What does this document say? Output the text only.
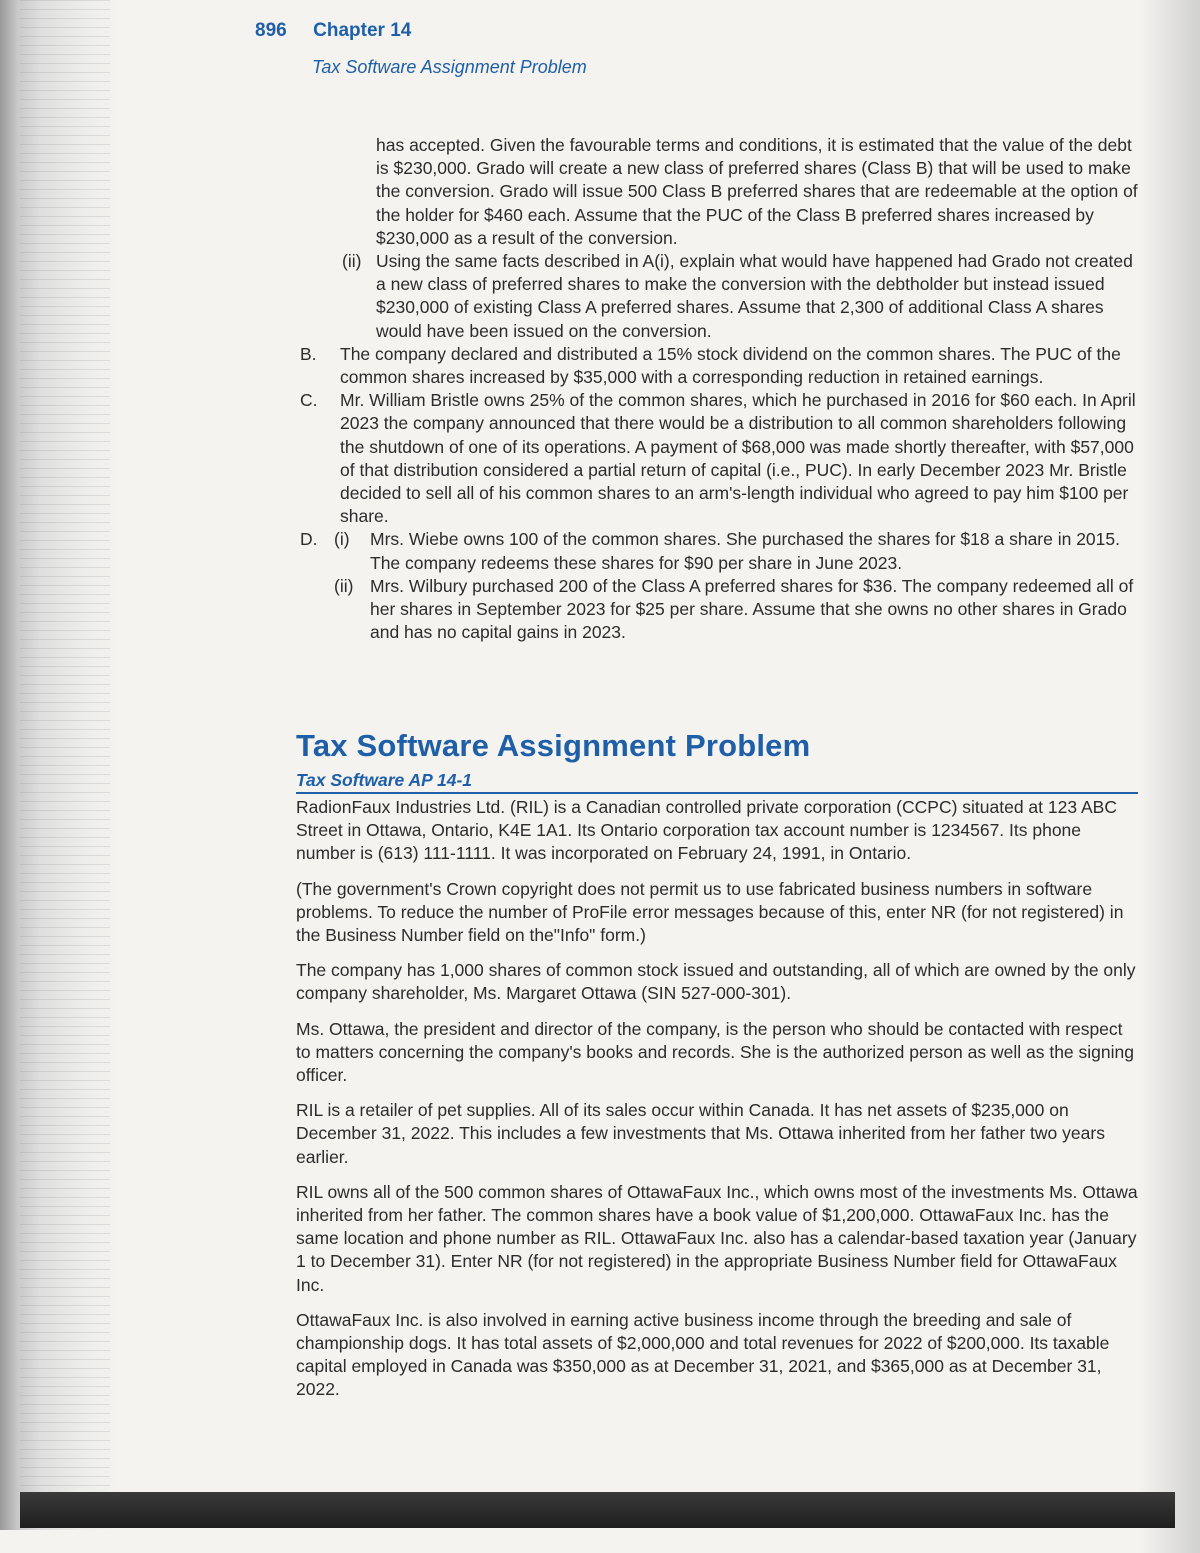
896 Chapter 14
Tax Software Assignment Problem
has accepted. Given the favourable terms and conditions, it is estimated that the value of the debt is $230,000. Grado will create a new class of preferred shares (Class B) that will be used to make the conversion. Grado will issue 500 Class B preferred shares that are redeemable at the option of the holder for $460 each. Assume that the PUC of the Class B preferred shares increased by $230,000 as a result of the conversion.
(ii) Using the same facts described in A(i), explain what would have happened had Grado not created a new class of preferred shares to make the conversion with the debtholder but instead issued $230,000 of existing Class A preferred shares. Assume that 2,300 of additional Class A shares would have been issued on the conversion.
B. The company declared and distributed a 15% stock dividend on the common shares. The PUC of the common shares increased by $35,000 with a corresponding reduction in retained earnings.
C. Mr. William Bristle owns 25% of the common shares, which he purchased in 2016 for $60 each. In April 2023 the company announced that there would be a distribution to all common shareholders following the shutdown of one of its operations. A payment of $68,000 was made shortly thereafter, with $57,000 of that distribution considered a partial return of capital (i.e., PUC). In early December 2023 Mr. Bristle decided to sell all of his common shares to an arm's-length individual who agreed to pay him $100 per share.
D. (i) Mrs. Wiebe owns 100 of the common shares. She purchased the shares for $18 a share in 2015. The company redeems these shares for $90 per share in June 2023.
(ii) Mrs. Wilbury purchased 200 of the Class A preferred shares for $36. The company redeemed all of her shares in September 2023 for $25 per share. Assume that she owns no other shares in Grado and has no capital gains in 2023.
Tax Software Assignment Problem
Tax Software AP 14-1

RadionFaux Industries Ltd. (RIL) is a Canadian controlled private corporation (CCPC) situated at 123 ABC Street in Ottawa, Ontario, K4E 1A1. Its Ontario corporation tax account number is 1234567. Its phone number is (613) 111-1111. It was incorporated on February 24, 1991, in Ontario.

(The government's Crown copyright does not permit us to use fabricated business numbers in software problems. To reduce the number of ProFile error messages because of this, enter NR (for not registered) in the Business Number field on the"Info" form.)

The company has 1,000 shares of common stock issued and outstanding, all of which are owned by the only company shareholder, Ms. Margaret Ottawa (SIN 527-000-301).

Ms. Ottawa, the president and director of the company, is the person who should be contacted with respect to matters concerning the company's books and records. She is the authorized person as well as the signing officer.

RIL is a retailer of pet supplies. All of its sales occur within Canada. It has net assets of $235,000 on December 31, 2022. This includes a few investments that Ms. Ottawa inherited from her father two years earlier.

RIL owns all of the 500 common shares of OttawaFaux Inc., which owns most of the investments Ms. Ottawa inherited from her father. The common shares have a book value of $1,200,000. OttawaFaux Inc. has the same location and phone number as RIL. OttawaFaux Inc. also has a calendar-based taxation year (January 1 to December 31). Enter NR (for not registered) in the appropriate Business Number field for OttawaFaux Inc.

OttawaFaux Inc. is also involved in earning active business income through the breeding and sale of championship dogs. It has total assets of $2,000,000 and total revenues for 2022 of $200,000. Its taxable capital employed in Canada was $350,000 as at December 31, 2021, and $365,000 as at December 31, 2022.
